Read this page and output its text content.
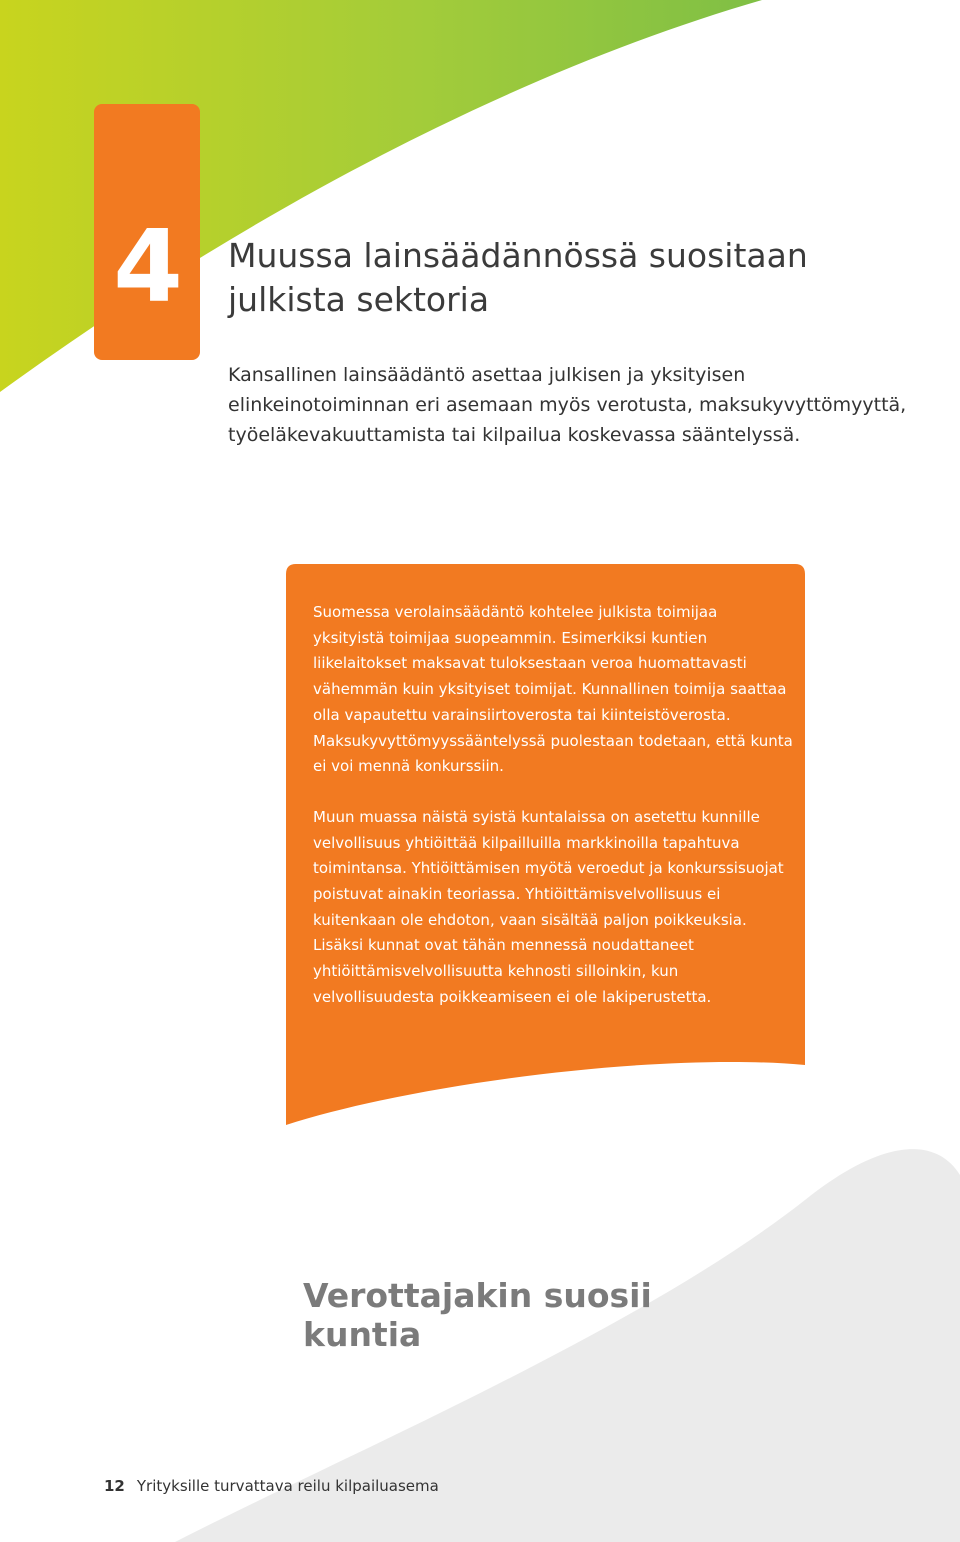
4	Muussa lainsäädännössä suositaan julkista sektoria

Kansallinen lainsäädäntö asettaa julkisen ja yksityisen elinkeinotoiminnan eri asemaan myös verotusta, maksukyvyttömyyttä, työeläkevakuuttamista tai kilpailua koskevassa sääntelyssä.

Suomessa verolainsäädäntö kohtelee julkista toimijaa yksityistä toimijaa suopeammin. Esimerkiksi kuntien liikelaitokset maksavat tuloksestaan veroa huomattavasti vähemmän kuin yksityiset toimijat. Kunnallinen toimija saattaa olla vapautettu varainsiirtoverosta tai kiinteistöverosta. Maksukyvyttömyyssääntelyssä puolestaan todetaan, että kunta ei voi mennä konkurssiin.

Muun muassa näistä syistä kuntalaissa on asetettu kunnille velvollisuus yhtiöittää kilpailluilla markkinoilla tapahtuva toimintansa. Yhtiöittämisen myötä veroedut ja konkurssisuojat poistuvat ainakin teoriassa. Yhtiöittämisvelvollisuus ei kuitenkaan ole ehdoton, vaan sisältää paljon poikkeuksia. Lisäksi kunnat ovat tähän mennessä noudattaneet yhtiöittämisvelvollisuutta kehnosti silloinkin, kun velvollisuudesta poikkeamiseen ei ole lakiperustetta.

Verottajakin suosii kuntia
12 Yrityksille turvattava reilu kilpailuasema
